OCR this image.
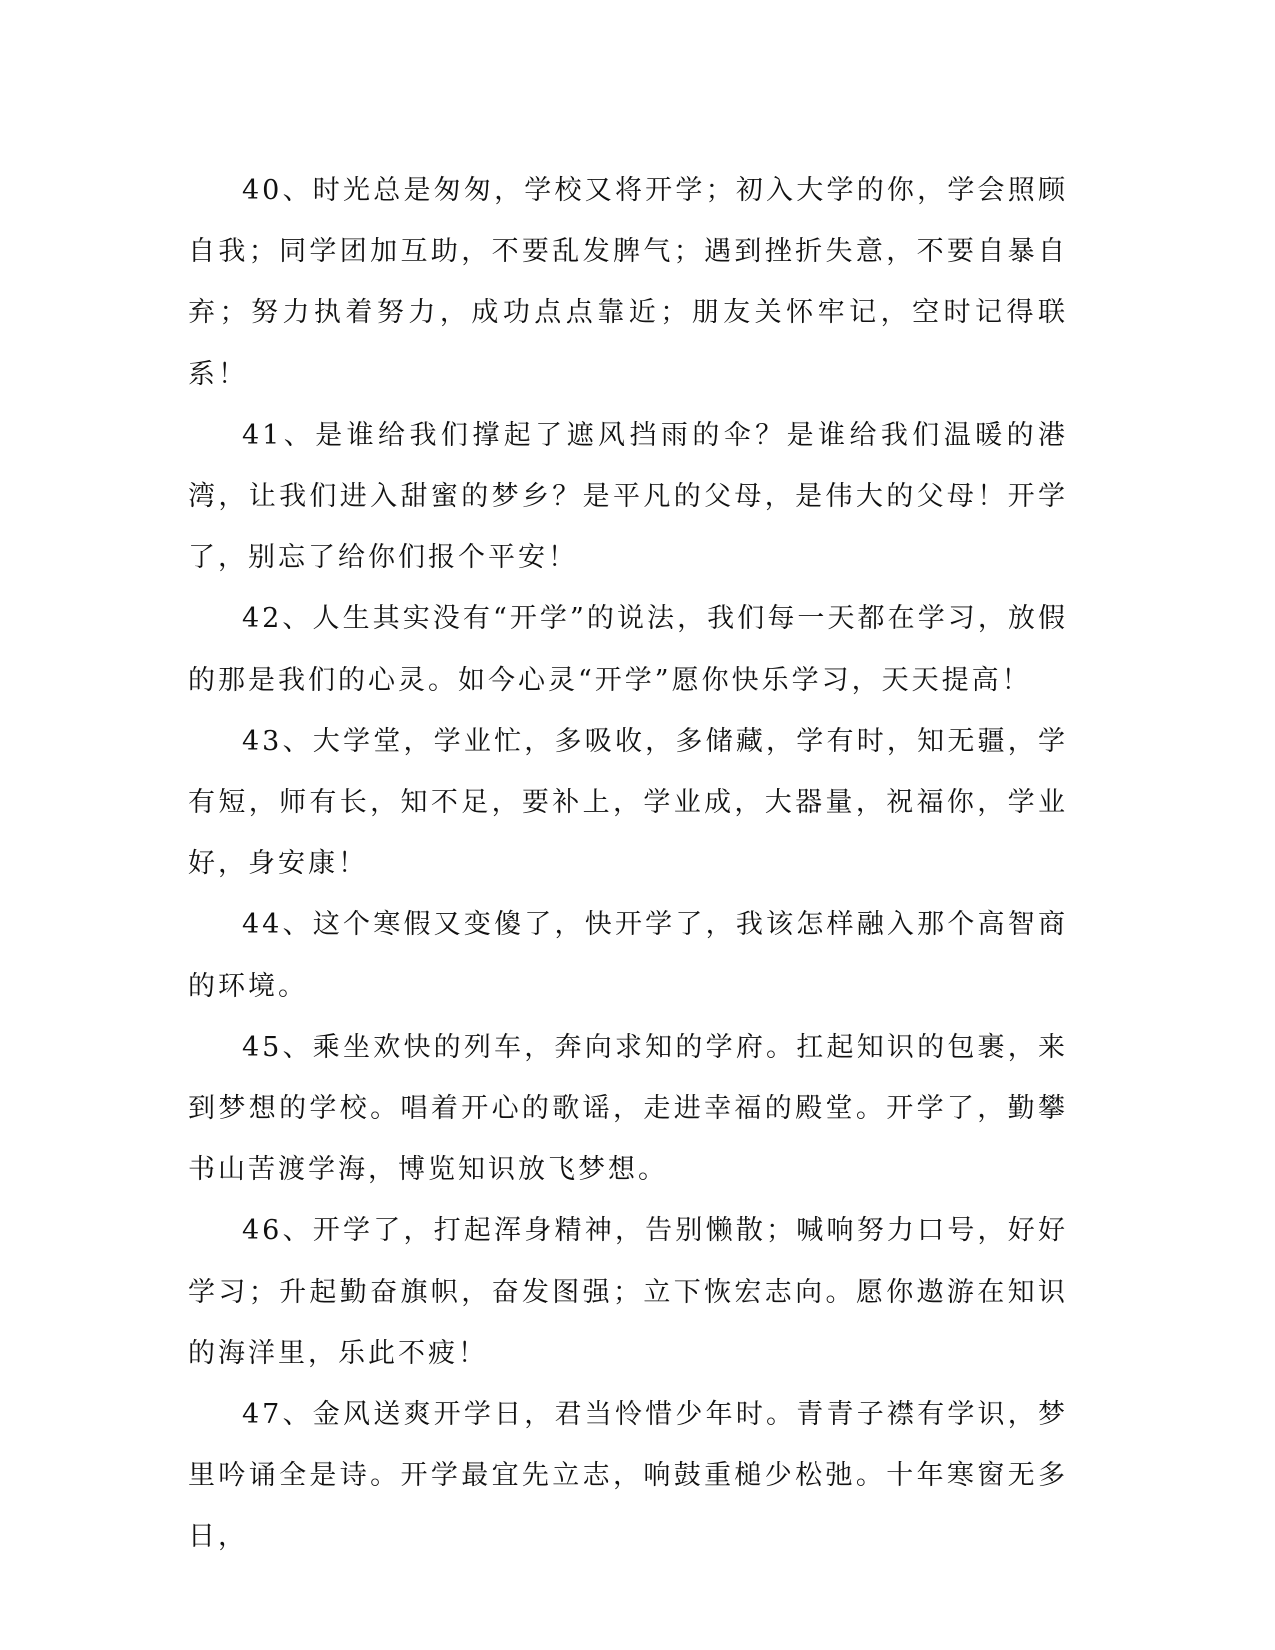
40、时光总是匆匆，学校又将开学；初入大学的你，学会照顾自我；同学团加互助，不要乱发脾气；遇到挫折失意，不要自暴自弃；努力执着努力，成功点点靠近；朋友关怀牢记，空时记得联系！

41、是谁给我们撑起了遮风挡雨的伞？是谁给我们温暖的港湾，让我们进入甜蜜的梦乡？是平凡的父母，是伟大的父母！开学了，别忘了给你们报个平安！

42、人生其实没有“开学”的说法，我们每一天都在学习，放假的那是我们的心灵。如今心灵“开学”愿你快乐学习，天天提高！

43、大学堂，学业忙，多吸收，多储藏，学有时，知无疆，学有短，师有长，知不足，要补上，学业成，大器量，祝福你，学业好，身安康！

44、这个寒假又变傻了，快开学了，我该怎样融入那个高智商的环境。

45、乘坐欢快的列车，奔向求知的学府。扛起知识的包裹，来到梦想的学校。唱着开心的歌谣，走进幸福的殿堂。开学了，勤攀书山苦渡学海，博览知识放飞梦想。

46、开学了，打起浑身精神，告别懒散；喊响努力口号，好好学习；升起勤奋旗帜，奋发图强；立下恢宏志向。愿你遨游在知识的海洋里，乐此不疲！

47、金风送爽开学日，君当怜惜少年时。青青子襟有学识，梦里吟诵全是诗。开学最宜先立志，响鼓重槌少松弛。十年寒窗无多日，
